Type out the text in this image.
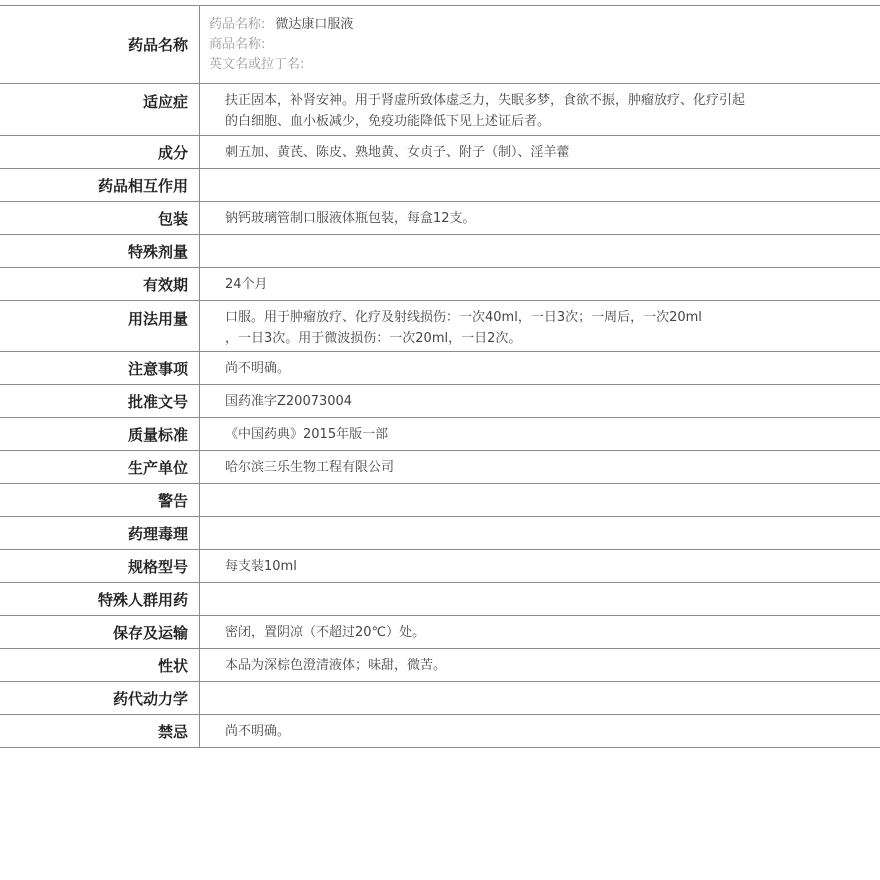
药品名称
药品名称: 微达康口服液
商品名称:
英文名或拉丁名:
适应症	扶正固本，补肾安神。用于肾虚所致体虚乏力，失眠多梦，食欲不振，肿瘤放疗、化疗引起
的白细胞、血小板减少，免疫功能降低下见上述证后者。
成分	刺五加、黄芪、陈皮、熟地黄、女贞子、附子（制）、淫羊藿
药品相互作用
包装	钠钙玻璃管制口服液体瓶包装，每盒12支。
特殊剂量
有效期	24个月
用法用量	口服。用于肿瘤放疗、化疗及射线损伤：一次40ml，一日3次；一周后，一次20ml
，一日3次。用于微波损伤：一次20ml，一日2次。
注意事项	尚不明确。
批准文号	国药准字Z20073004
质量标准	《中国药典》2015年版一部
生产单位	哈尔滨三乐生物工程有限公司
警告
药理毒理
规格型号	每支装10ml
特殊人群用药
保存及运输	密闭，置阴凉（不超过20℃）处。
性状	本品为深棕色澄清液体；味甜，微苦。
药代动力学
禁忌	尚不明确。
